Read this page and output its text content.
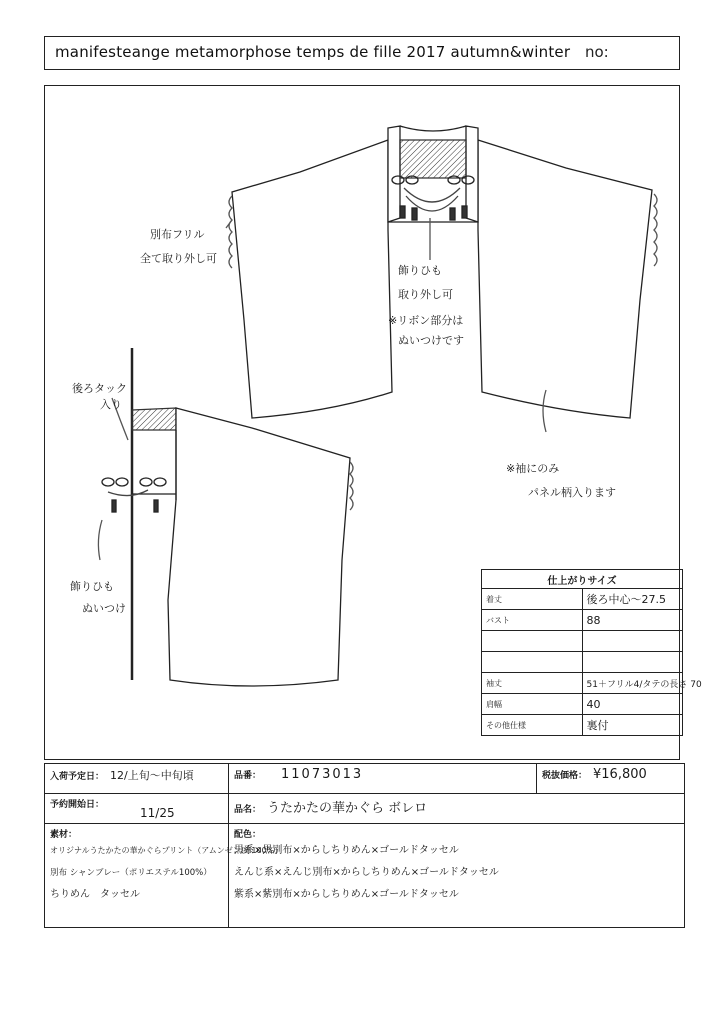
manifesteange metamorphose temps de fille 2017 autumn&winter no:
別布フリル
全て取り外し可
飾りひも
取り外し可
※リボン部分は
ぬいつけです
後ろタック
入り
飾りひも
ぬいつけ
※袖にのみ
パネル柄入ります
仕上がりサイズ	
着丈	後ろ中心～27.5
バスト	88

袖丈	51＋フリル4/タテの長さ 70
肩幅	40
その他仕様	裏付
入荷予定日： 12/上旬～中旬頃	品番： 11073013	税抜価格： ¥16,800

予約開始日：
11/25	品名： うたかたの華かぐら ボレロ	

素材：
オリジナルうたかたの華かぐらプリント（アムンゼン/綿100%）
別布 シャンブレー（ポリエステル100%）
ちりめん　タッセル	配色：
黒系×黒別布×からしちりめん×ゴールドタッセル
えんじ系×えんじ別布×からしちりめん×ゴールドタッセル
紫系×紫別布×からしちりめん×ゴールドタッセル	
